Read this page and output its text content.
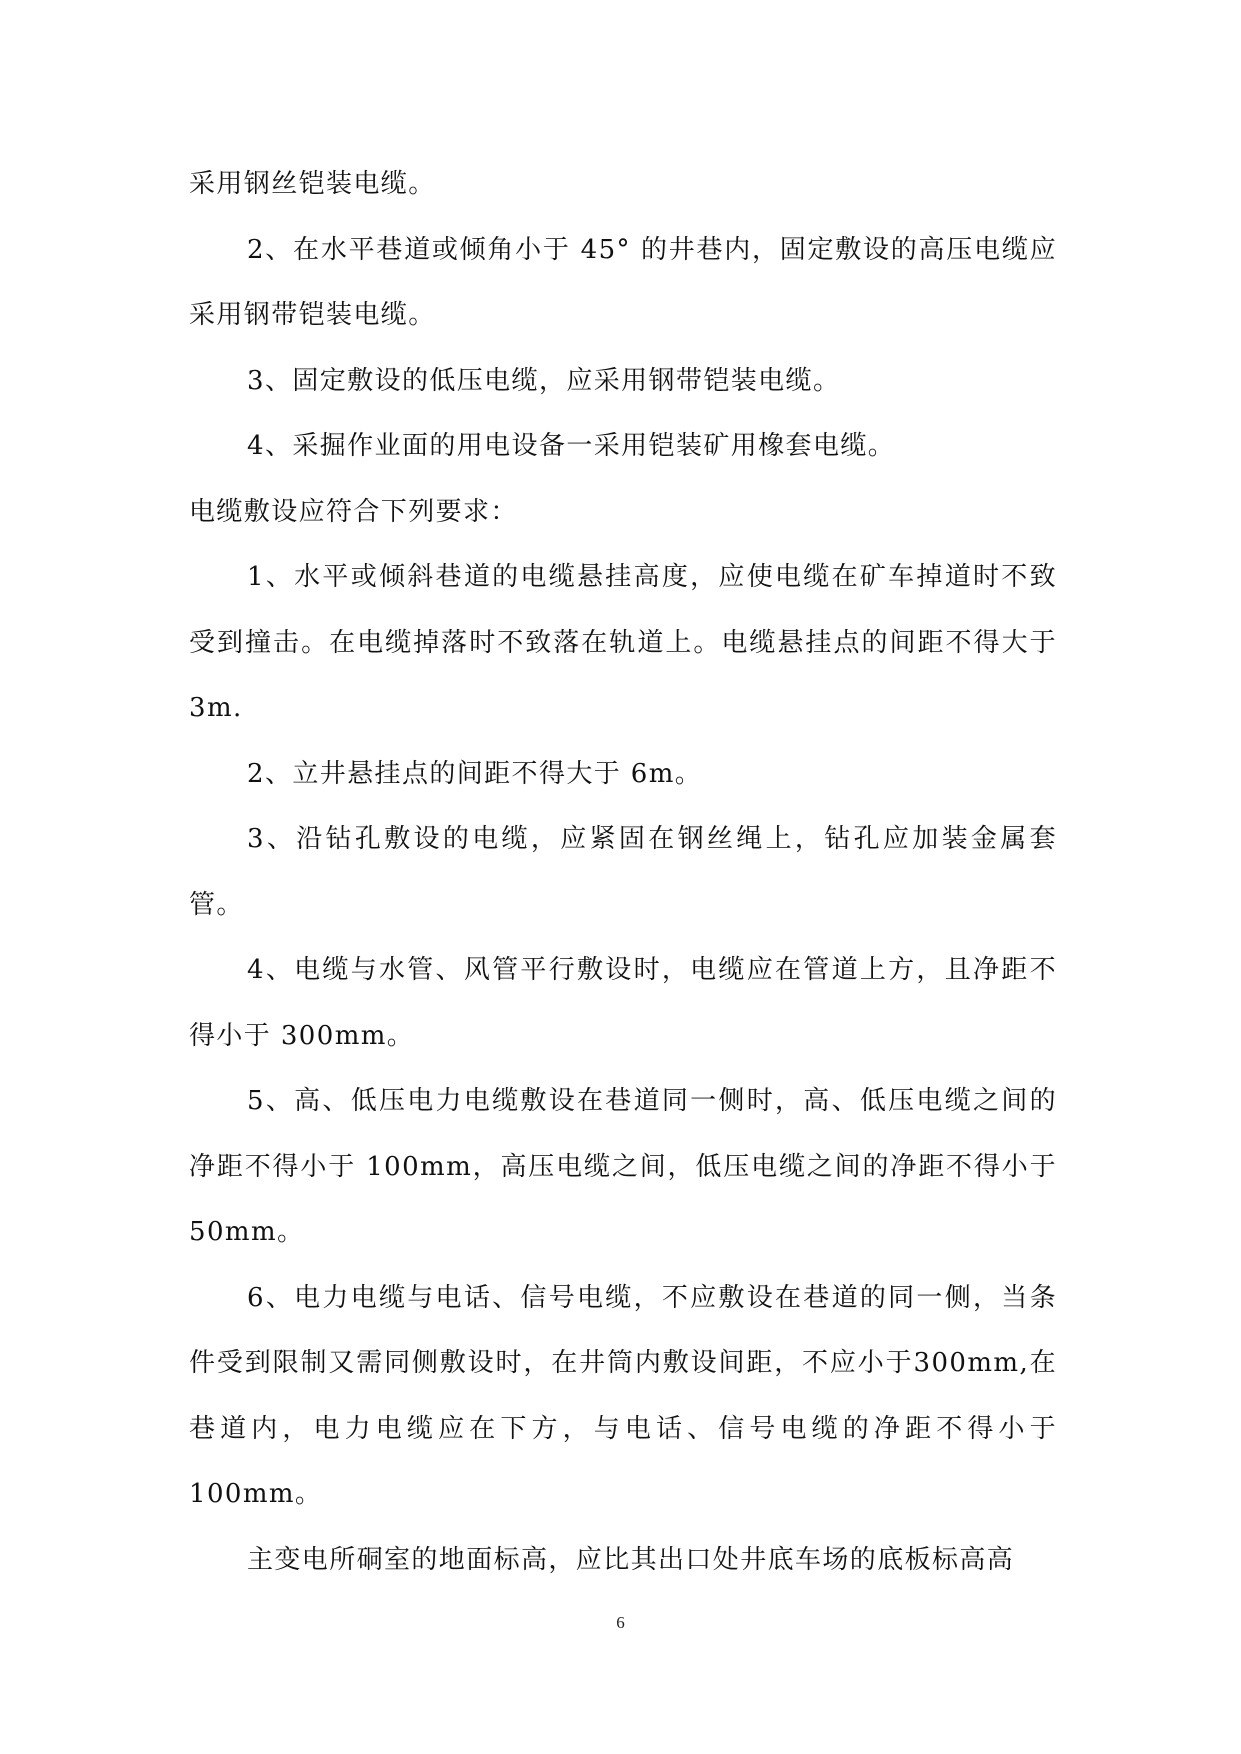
采用钢丝铠装电缆。

2、在水平巷道或倾角小于 45° 的井巷内，固定敷设的高压电缆应采用钢带铠装电缆。

3、固定敷设的低压电缆，应采用钢带铠装电缆。

4、采掘作业面的用电设备一采用铠装矿用橡套电缆。

电缆敷设应符合下列要求：

1、水平或倾斜巷道的电缆悬挂高度，应使电缆在矿车掉道时不致受到撞击。在电缆掉落时不致落在轨道上。电缆悬挂点的间距不得大于 3m.

2、立井悬挂点的间距不得大于 6m。

3、沿钻孔敷设的电缆，应紧固在钢丝绳上，钻孔应加装金属套管。

4、电缆与水管、风管平行敷设时，电缆应在管道上方，且净距不得小于 300mm。

5、高、低压电力电缆敷设在巷道同一侧时，高、低压电缆之间的净距不得小于 100mm，高压电缆之间，低压电缆之间的净距不得小于 50mm。

6、电力电缆与电话、信号电缆，不应敷设在巷道的同一侧，当条件受到限制又需同侧敷设时，在井筒内敷设间距，不应小于300mm,在巷道内，电力电缆应在下方，与电话、信号电缆的净距不得小于 100mm。

主变电所硐室的地面标高，应比其出口处井底车场的底板标高高

6
